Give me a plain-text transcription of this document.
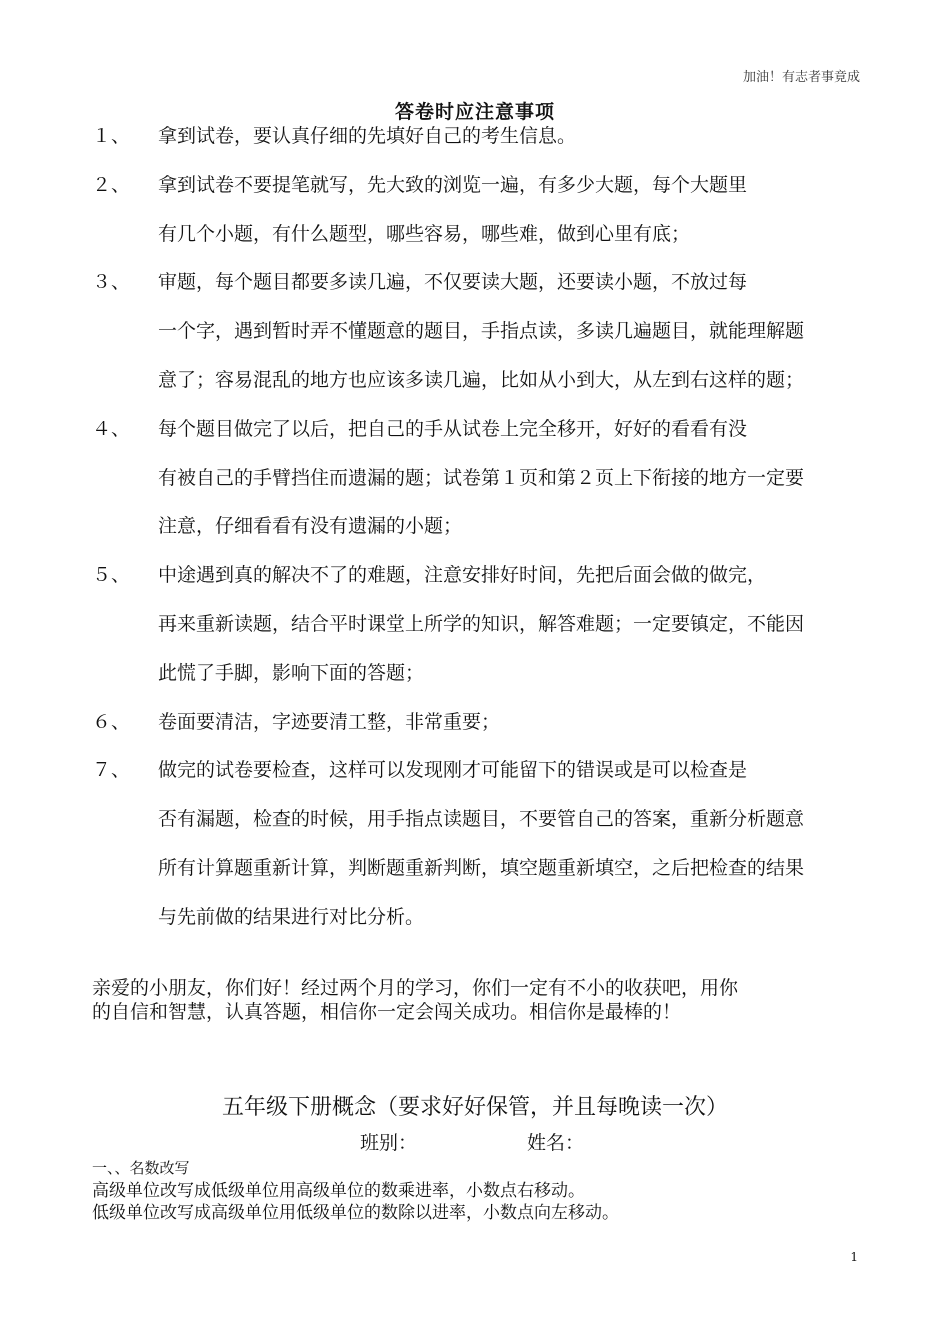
加油！有志者事竟成
答卷时应注意事项
１、 拿到试卷，要认真仔细的先填好自己的考生信息。
２、 拿到试卷不要提笔就写，先大致的浏览一遍，有多少大题，每个大题里
有几个小题，有什么题型，哪些容易，哪些难，做到心里有底；
３、 审题，每个题目都要多读几遍，不仅要读大题，还要读小题，不放过每
一个字，遇到暂时弄不懂题意的题目，手指点读，多读几遍题目，就能理解题
意了；容易混乱的地方也应该多读几遍，比如从小到大，从左到右这样的题；
４、 每个题目做完了以后，把自己的手从试卷上完全移开，好好的看看有没
有被自己的手臂挡住而遗漏的题；试卷第１页和第２页上下衔接的地方一定要
注意，仔细看看有没有遗漏的小题；
５、 中途遇到真的解决不了的难题，注意安排好时间，先把后面会做的做完，
再来重新读题，结合平时课堂上所学的知识，解答难题；一定要镇定，不能因
此慌了手脚，影响下面的答题；
６、 卷面要清洁，字迹要清工整，非常重要；
７、 做完的试卷要检查，这样可以发现刚才可能留下的错误或是可以检查是
否有漏题，检查的时候，用手指点读题目，不要管自己的答案，重新分析题意
所有计算题重新计算，判断题重新判断，填空题重新填空，之后把检查的结果
与先前做的结果进行对比分析。
亲爱的小朋友，你们好！经过两个月的学习，你们一定有不小的收获吧，用你
的自信和智慧，认真答题，相信你一定会闯关成功。相信你是最棒的！
五年级下册概念（要求好好保管，并且每晚读一次）
班别：	姓名：
一、、名数改写
高级单位改写成低级单位用高级单位的数乘进率，小数点右移动。
低级单位改写成高级单位用低级单位的数除以进率，小数点向左移动。
1
